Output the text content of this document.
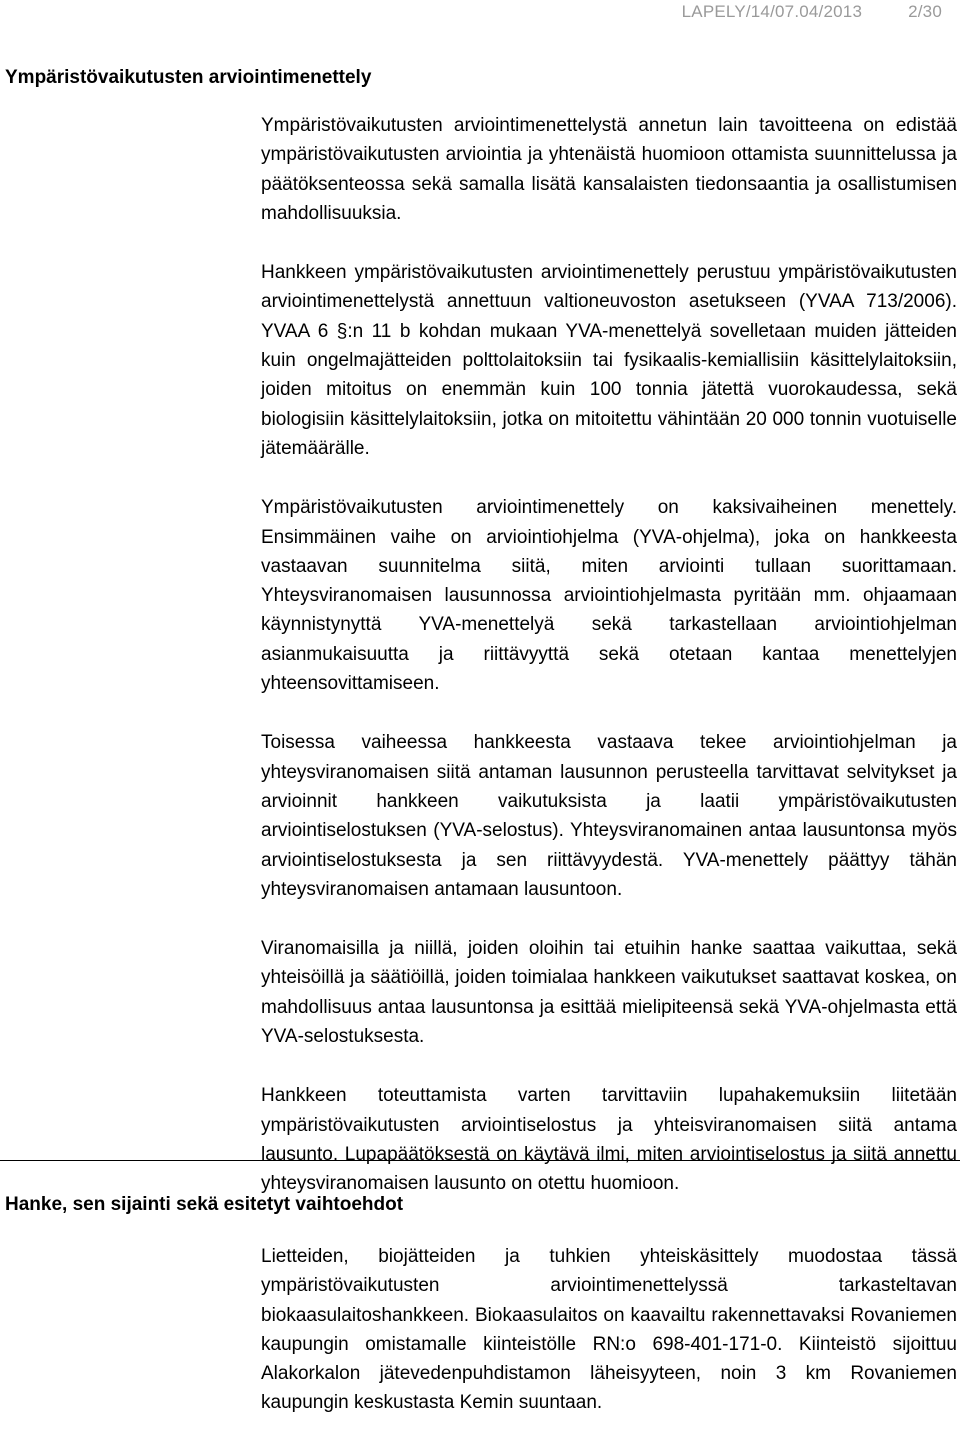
LAPELY/14/07.04/2013	2/30
Ympäristövaikutusten arviointimenettely

Ympäristövaikutusten arviointimenettelystä annetun lain tavoitteena on edistää ympäristövaikutusten arviointia ja yhtenäistä huomioon ottamista suunnittelussa ja päätöksenteossa sekä samalla lisätä kansalaisten tiedonsaantia ja osallistumisen mahdollisuuksia.

Hankkeen ympäristövaikutusten arviointimenettely perustuu ympäristövaikutusten arviointimenettelystä annettuun valtioneuvoston asetukseen (YVAA 713/2006). YVAA 6 §:n 11 b kohdan mukaan YVA-menettelyä sovelletaan muiden jätteiden kuin ongelmajätteiden polttolaitoksiin tai fysikaalis-kemiallisiin käsittelylaitoksiin, joiden mitoitus on enemmän kuin 100 tonnia jätettä vuorokaudessa, sekä biologisiin käsittelylaitoksiin, jotka on mitoitettu vähintään 20 000 tonnin vuotuiselle jätemäärälle.

Ympäristövaikutusten arviointimenettely on kaksivaiheinen menettely. Ensimmäinen vaihe on arviointiohjelma (YVA-ohjelma), joka on hankkeesta vastaavan suunnitelma siitä, miten arviointi tullaan suorittamaan. Yhteysviranomaisen lausunnossa arviointiohjelmasta pyritään mm. ohjaamaan käynnistynyttä YVA-menettelyä sekä tarkastellaan arviointiohjelman asianmukaisuutta ja riittävyyttä sekä otetaan kantaa menettelyjen yhteensovittamiseen.

Toisessa vaiheessa hankkeesta vastaava tekee arviointiohjelman ja yhteysviranomaisen siitä antaman lausunnon perusteella tarvittavat selvitykset ja arvioinnit hankkeen vaikutuksista ja laatii ympäristövaikutusten arviointiselostuksen (YVA-selostus). Yhteysviranomainen antaa lausuntonsa myös arviointiselostuksesta ja sen riittävyydestä. YVA-menettely päättyy tähän yhteysviranomaisen antamaan lausuntoon.

Viranomaisilla ja niillä, joiden oloihin tai etuihin hanke saattaa vaikuttaa, sekä yhteisöillä ja säätiöillä, joiden toimialaa hankkeen vaikutukset saattavat koskea, on mahdollisuus antaa lausuntonsa ja esittää mielipiteensä sekä YVA-ohjelmasta että YVA-selostuksesta.

Hankkeen toteuttamista varten tarvittaviin lupahakemuksiin liitetään ympäristövaikutusten arviointiselostus ja yhteisviranomaisen siitä antama lausunto. Lupapäätöksestä on käytävä ilmi, miten arviointiselostus ja siitä annettu yhteysviranomaisen lausunto on otettu huomioon.

Hanke, sen sijainti sekä esitetyt vaihtoehdot

Lietteiden, biojätteiden ja tuhkien yhteiskäsittely muodostaa tässä ympäristövaikutusten arviointimenettelyssä tarkasteltavan biokaasulaitoshankkeen. Biokaasulaitos on kaavailtu rakennettavaksi Rovaniemen kaupungin omistamalle kiinteistölle RN:o 698-401-171-0. Kiinteistö sijoittuu Alakorkalon jätevedenpuhdistamon läheisyyteen, noin 3 km Rovaniemen kaupungin keskustasta Kemin suuntaan.
